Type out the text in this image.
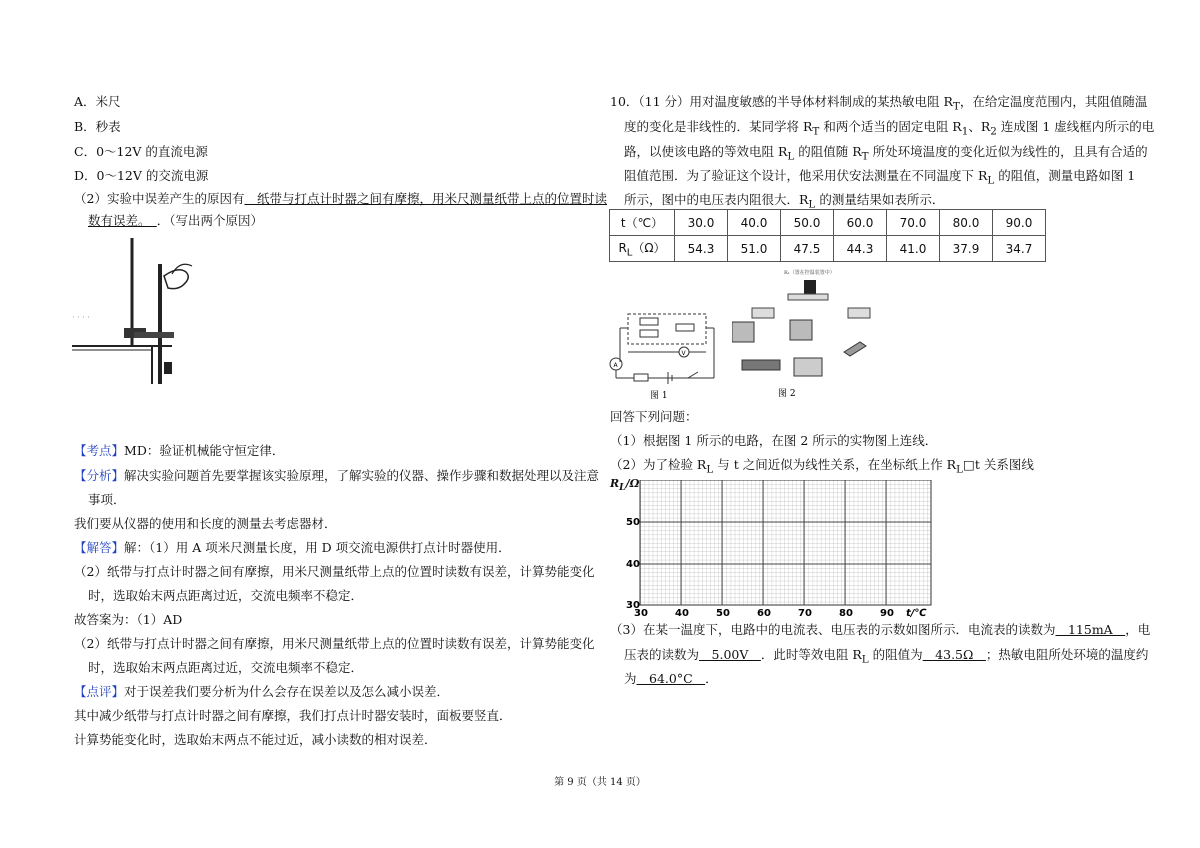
A．米尺
B．秒表
C．0～12V 的直流电源
D．0～12V 的交流电源
（2）实验中误差产生的原因有　纸带与打点计时器之间有摩擦，用米尺测量纸带上点的位置时读
数有误差。　．（写出两个原因）
· · · ·
【考点】MD：验证机械能守恒定律．
【分析】解决实验问题首先要掌握该实验原理，了解实验的仪器、操作步骤和数据处理以及注意
事项．
我们要从仪器的使用和长度的测量去考虑器材．
【解答】解：（1）用 A 项米尺测量长度，用 D 项交流电源供打点计时器使用．
（2）纸带与打点计时器之间有摩擦，用米尺测量纸带上点的位置时读数有误差，计算势能变化
时，选取始末两点距离过近，交流电频率不稳定．
故答案为：（1）AD
（2）纸带与打点计时器之间有摩擦，用米尺测量纸带上点的位置时读数有误差，计算势能变化
时，选取始末两点距离过近，交流电频率不稳定．
【点评】对于误差我们要分析为什么会存在误差以及怎么减小误差．
其中减少纸带与打点计时器之间有摩擦，我们打点计时器安装时，面板要竖直．
计算势能变化时，选取始末两点不能过近，减小读数的相对误差．
10．（11 分）用对温度敏感的半导体材料制成的某热敏电阻 $R_T$，在给定温度范围内，其阻值随温
度的变化是非线性的．某同学将 $R_T$ 和两个适当的固定电阻 $R_1$、$R_2$ 连成图 1 虚线框内所示的电
路，以使该电路的等效电阻 $R_L$ 的阻值随 $R_T$ 所处环境温度的变化近似为线性的，且具有合适的
阻值范围．为了验证这个设计，他采用伏安法测量在不同温度下 $R_L$ 的阻值，测量电路如图 1
所示，图中的电压表内阻很大．$R_L$ 的测量结果如表所示．
t（℃）	30.0	40.0	50.0	60.0	70.0	80.0	90.0
$R_L(\Omega)$	54.3	51.0	47.5	44.3	41.0	37.9	34.7
V
A
图 1
R₁（置在控温装置中）
图 2
回答下列问题：
（1）根据图 1 所示的电路，在图 2 所示的实物图上连线．
（2）为了检验 $R_L$ 与 t 之间近似为线性关系，在坐标纸上作 $R_L□t$ 关系图线
$R_L/\Omega$
50
40
30
30	40	50	60	70	80	90 t/℃
（3）在某一温度下，电路中的电流表、电压表的示数如图所示．电流表的读数为　115mA　，电
压表的读数为　5.00V　．此时等效电阻 $R_L$ 的阻值为　43.5Ω　；热敏电阻所处环境的温度约
为　64.0°C　．
第 9 页（共 14 页）
